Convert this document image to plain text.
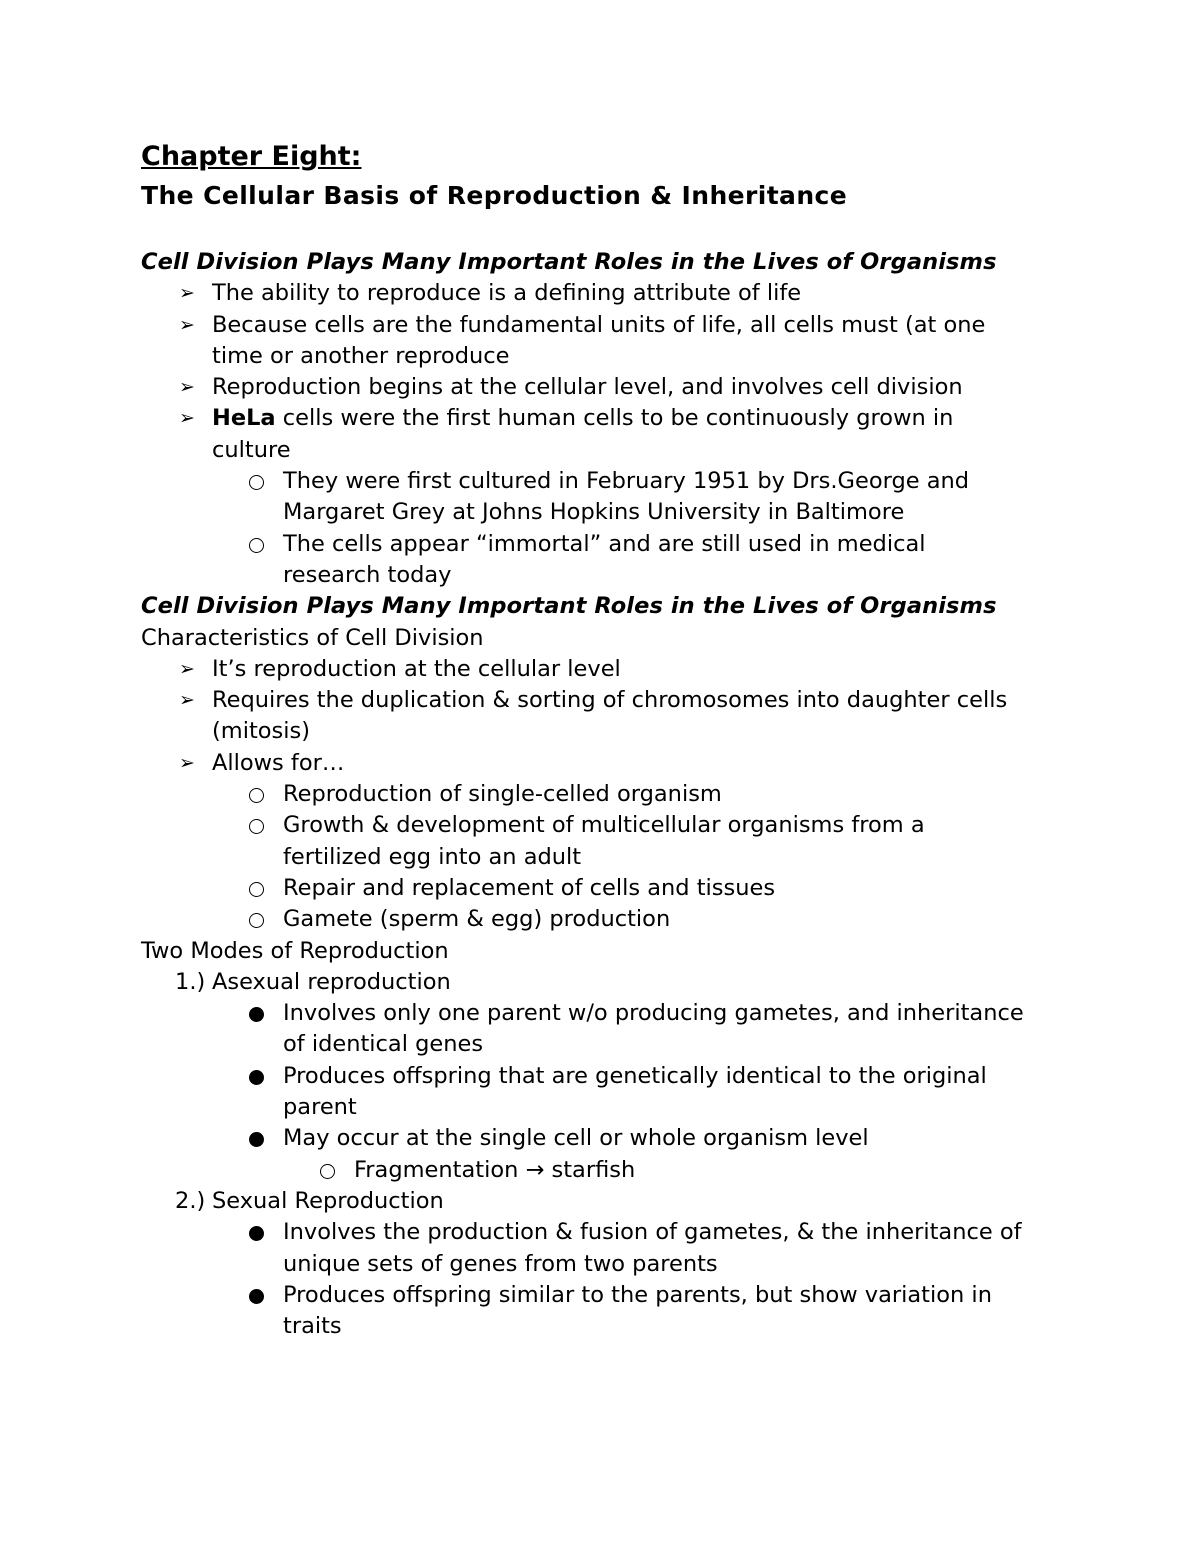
Chapter Eight:
The Cellular Basis of Reproduction & Inheritance
Cell Division Plays Many Important Roles in the Lives of Organisms
➢ The ability to reproduce is a defining attribute of life
➢ Because cells are the fundamental units of life, all cells must (at one
time or another reproduce
➢ Reproduction begins at the cellular level, and involves cell division
➢ HeLa cells were the first human cells to be continuously grown in
culture
They were first cultured in February 1951 by Drs.George and
Margaret Grey at Johns Hopkins University in Baltimore
The cells appear “immortal” and are still used in medical
research today
Cell Division Plays Many Important Roles in the Lives of Organisms
Characteristics of Cell Division
➢ It’s reproduction at the cellular level
➢ Requires the duplication & sorting of chromosomes into daughter cells
(mitosis)
➢ Allows for…
Reproduction of single-celled organism
Growth & development of multicellular organisms from a
fertilized egg into an adult
Repair and replacement of cells and tissues
Gamete (sperm & egg) production
Two Modes of Reproduction
1.) Asexual reproduction
Involves only one parent w/o producing gametes, and inheritance
of identical genes
Produces offspring that are genetically identical to the original
parent
May occur at the single cell or whole organism level
Fragmentation → starfish
2.) Sexual Reproduction
Involves the production & fusion of gametes, & the inheritance of
unique sets of genes from two parents
Produces offspring similar to the parents, but show variation in
traits
